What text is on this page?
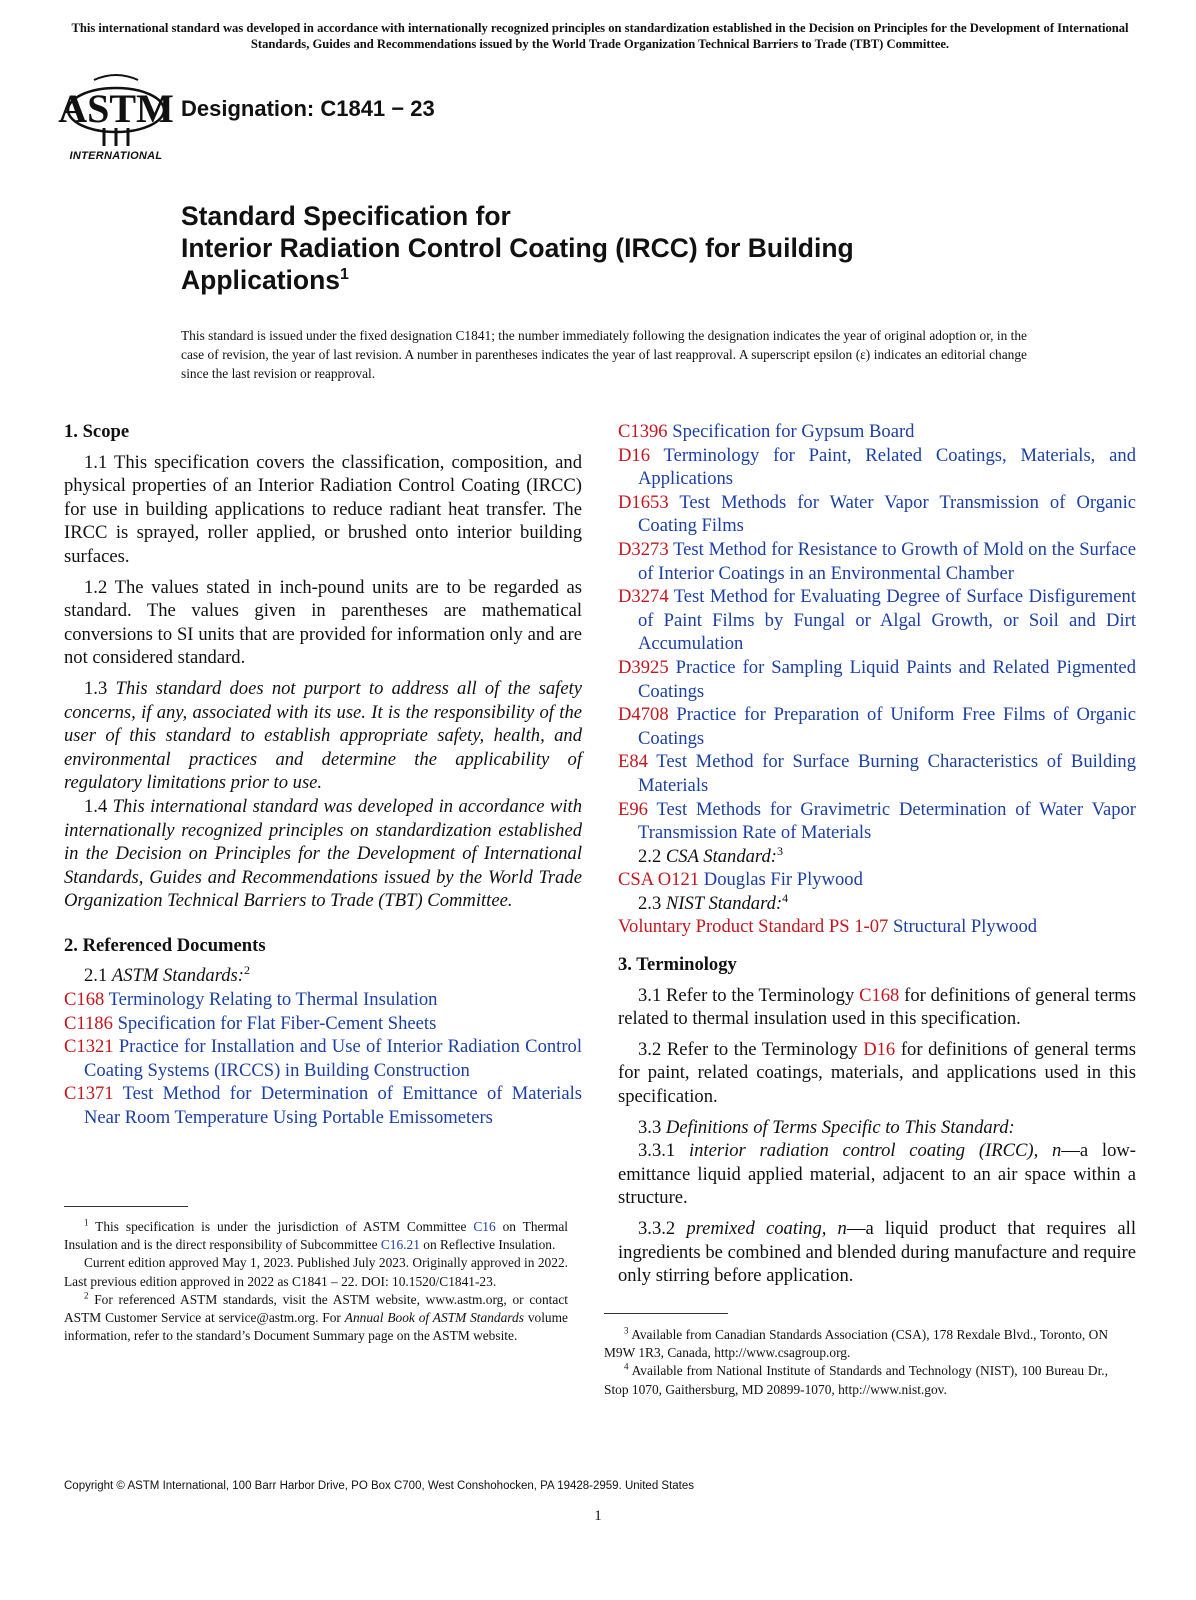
This international standard was developed in accordance with internationally recognized principles on standardization established in the Decision on Principles for the Development of International Standards, Guides and Recommendations issued by the World Trade Organization Technical Barriers to Trade (TBT) Committee.
ASTM
INTERNATIONAL
Designation: C1841 − 23
Standard Specification for
Interior Radiation Control Coating (IRCC) for Building
Applications$^1$
This standard is issued under the fixed designation C1841; the number immediately following the designation indicates the year of original adoption or, in the case of revision, the year of last revision. A number in parentheses indicates the year of last reapproval. A superscript epsilon (ε) indicates an editorial change since the last revision or reapproval.
1. Scope
1.1 This specification covers the classification, composition, and physical properties of an Interior Radiation Control Coating (IRCC) for use in building applications to reduce radiant heat transfer. The IRCC is sprayed, roller applied, or brushed onto interior building surfaces.
1.2 The values stated in inch-pound units are to be regarded as standard. The values given in parentheses are mathematical conversions to SI units that are provided for information only and are not considered standard.
1.3 This standard does not purport to address all of the safety concerns, if any, associated with its use. It is the responsibility of the user of this standard to establish appropriate safety, health, and environmental practices and determine the applicability of regulatory limitations prior to use.
1.4 This international standard was developed in accordance with internationally recognized principles on standardization established in the Decision on Principles for the Development of International Standards, Guides and Recommendations issued by the World Trade Organization Technical Barriers to Trade (TBT) Committee.
2. Referenced Documents
2.1 ASTM Standards:$^2$
C168 Terminology Relating to Thermal Insulation
C1186 Specification for Flat Fiber-Cement Sheets
C1321 Practice for Installation and Use of Interior Radiation Control Coating Systems (IRCCS) in Building Construction
C1371 Test Method for Determination of Emittance of Materials Near Room Temperature Using Portable Emissometers

$^1$ This specification is under the jurisdiction of ASTM Committee C16 on Thermal Insulation and is the direct responsibility of Subcommittee C16.21 on Reflective Insulation.

Current edition approved May 1, 2023. Published July 2023. Originally approved in 2022. Last previous edition approved in 2022 as C1841 – 22. DOI: 10.1520/C1841-23.

$^2$ For referenced ASTM standards, visit the ASTM website, www.astm.org, or contact ASTM Customer Service at service@astm.org. For Annual Book of ASTM Standards volume information, refer to the standard’s Document Summary page on the ASTM website.

C1396 Specification for Gypsum Board
D16 Terminology for Paint, Related Coatings, Materials, and Applications
D1653 Test Methods for Water Vapor Transmission of Organic Coating Films
D3273 Test Method for Resistance to Growth of Mold on the Surface of Interior Coatings in an Environmental Chamber
D3274 Test Method for Evaluating Degree of Surface Disfigurement of Paint Films by Fungal or Algal Growth, or Soil and Dirt Accumulation
D3925 Practice for Sampling Liquid Paints and Related Pigmented Coatings
D4708 Practice for Preparation of Uniform Free Films of Organic Coatings
E84 Test Method for Surface Burning Characteristics of Building Materials
E96 Test Methods for Gravimetric Determination of Water Vapor Transmission Rate of Materials
2.2 CSA Standard:$^3$
CSA O121 Douglas Fir Plywood
2.3 NIST Standard:$^4$
Voluntary Product Standard PS 1-07 Structural Plywood
3. Terminology
3.1 Refer to the Terminology C168 for definitions of general terms related to thermal insulation used in this specification.
3.2 Refer to the Terminology D16 for definitions of general terms for paint, related coatings, materials, and applications used in this specification.
3.3 Definitions of Terms Specific to This Standard:
3.3.1 interior radiation control coating (IRCC), n—a low-emittance liquid applied material, adjacent to an air space within a structure.
3.3.2 premixed coating, n—a liquid product that requires all ingredients be combined and blended during manufacture and require only stirring before application.

$^3$ Available from Canadian Standards Association (CSA), 178 Rexdale Blvd., Toronto, ON M9W 1R3, Canada, http://www.csagroup.org.

$^4$ Available from National Institute of Standards and Technology (NIST), 100 Bureau Dr., Stop 1070, Gaithersburg, MD 20899-1070, http://www.nist.gov.

Copyright © ASTM International, 100 Barr Harbor Drive, PO Box C700, West Conshohocken, PA 19428-2959. United States
1
